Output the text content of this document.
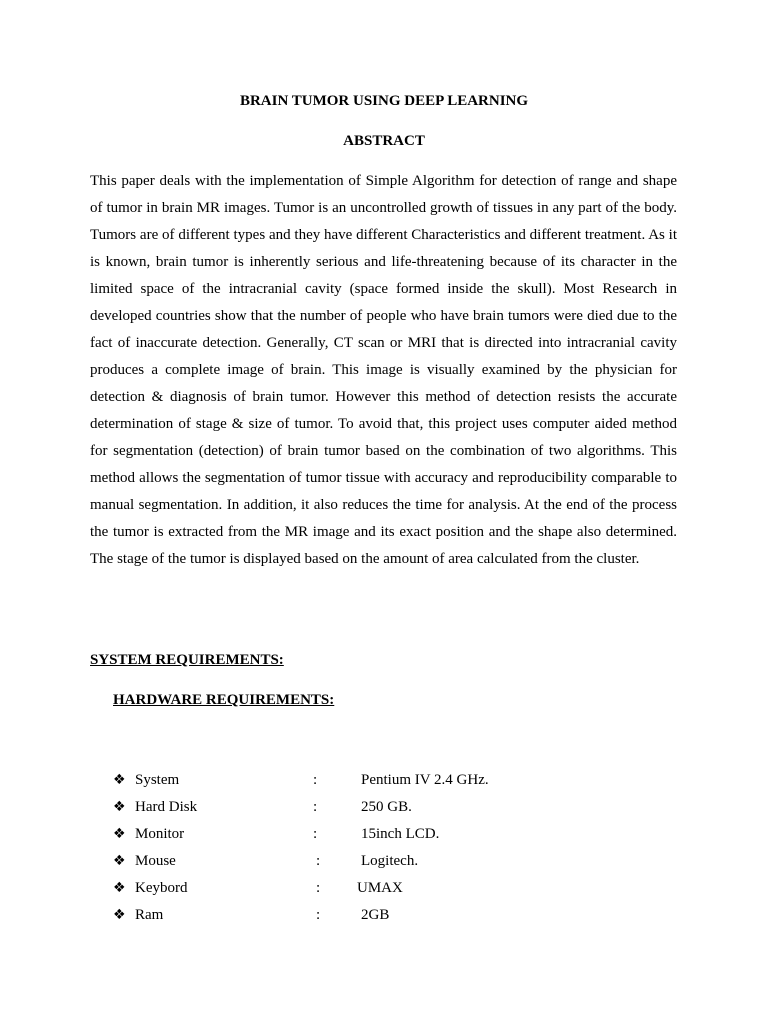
BRAIN TUMOR USING DEEP LEARNING
ABSTRACT

This paper deals with the implementation of Simple Algorithm for detection of range and shape of tumor in brain MR images. Tumor is an uncontrolled growth of tissues in any part of the body. Tumors are of different types and they have different Characteristics and different treatment. As it is known, brain tumor is inherently serious and life-threatening because of its character in the limited space of the intracranial cavity (space formed inside the skull). Most Research in developed countries show that the number of people who have brain tumors were died due to the fact of inaccurate detection. Generally, CT scan or MRI that is directed into intracranial cavity produces a complete image of brain. This image is visually examined by the physician for detection & diagnosis of brain tumor. However this method of detection resists the accurate determination of stage & size of tumor. To avoid that, this project uses computer aided method for segmentation (detection) of brain tumor based on the combination of two algorithms. This method allows the segmentation of tumor tissue with accuracy and reproducibility comparable to manual segmentation. In addition, it also reduces the time for analysis. At the end of the process the tumor is extracted from the MR image and its exact position and the shape also determined. The stage of the tumor is displayed based on the amount of area calculated from the cluster.

SYSTEM REQUIREMENTS:
HARDWARE REQUIREMENTS:
❖ System	:	Pentium IV 2.4 GHz.
❖ Hard Disk	:	250 GB.
❖ Monitor	:	15inch LCD.
❖ Mouse	:	Logitech.
❖ Keybord	: UMAX
❖ Ram	:	2GB
